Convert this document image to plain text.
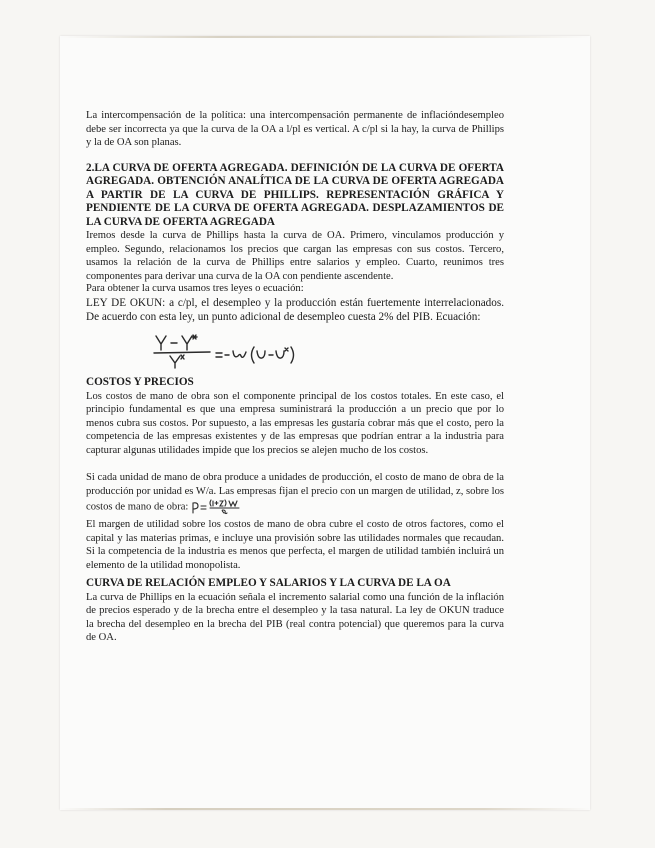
La intercompensación de la política: una intercompensación permanente de inflacióndesempleo debe ser incorrecta ya que la curva de la OA a l/pl es vertical. A c/pl si la hay, la curva de Phillips y la de OA son planas.

2.LA CURVA DE OFERTA AGREGADA. DEFINICIÓN DE LA CURVA DE OFERTA AGREGADA. OBTENCIÓN ANALÍTICA DE LA CURVA DE OFERTA AGREGADA A PARTIR DE LA CURVA DE PHILLIPS. REPRESENTACIÓN GRÁFICA Y PENDIENTE DE LA CURVA DE OFERTA AGREGADA. DESPLAZAMIENTOS DE LA CURVA DE OFERTA AGREGADA

Iremos desde la curva de Phillips hasta la curva de OA. Primero, vinculamos producción y empleo. Segundo, relacionamos los precios que cargan las empresas con sus costos. Tercero, usamos la relación de la curva de Phillips entre salarios y empleo. Cuarto, reunimos tres componentes para derivar una curva de la OA con pendiente ascendente.

Para obtener la curva usamos tres leyes o ecuación:

LEY DE OKUN: a c/pl, el desempleo y la producción están fuertemente interrelacionados. De acuerdo con esta ley, un punto adicional de desempleo cuesta 2% del PIB. Ecuación:

COSTOS Y PRECIOS

Los costos de mano de obra son el componente principal de los costos totales. En este caso, el principio fundamental es que una empresa suministrará la producción a un precio que por lo menos cubra sus costos. Por supuesto, a las empresas les gustaría cobrar más que el costo, pero la competencia de las empresas existentes y de las empresas que podrían entrar a la industria para capturar algunas utilidades impide que los precios se alejen mucho de los costos.

Si cada unidad de mano de obra produce a unidades de producción, el costo de mano de obra de la producción por unidad es W/a. Las empresas fijan el precio con un margen de utilidad, z, sobre los costos de mano de obra:

El margen de utilidad sobre los costos de mano de obra cubre el costo de otros factores, como el capital y las materias primas, e incluye una provisión sobre las utilidades normales que recaudan. Si la competencia de la industria es menos que perfecta, el margen de utilidad también incluirá un elemento de la utilidad monopolista.

CURVA DE RELACIÓN EMPLEO Y SALARIOS Y LA CURVA DE LA OA

La curva de Phillips en la ecuación señala el incremento salarial como una función de la inflación de precios esperado y de la brecha entre el desempleo y la tasa natural. La ley de OKUN traduce la brecha del desempleo en la brecha del PIB (real contra potencial) que queremos para la curva de OA.
